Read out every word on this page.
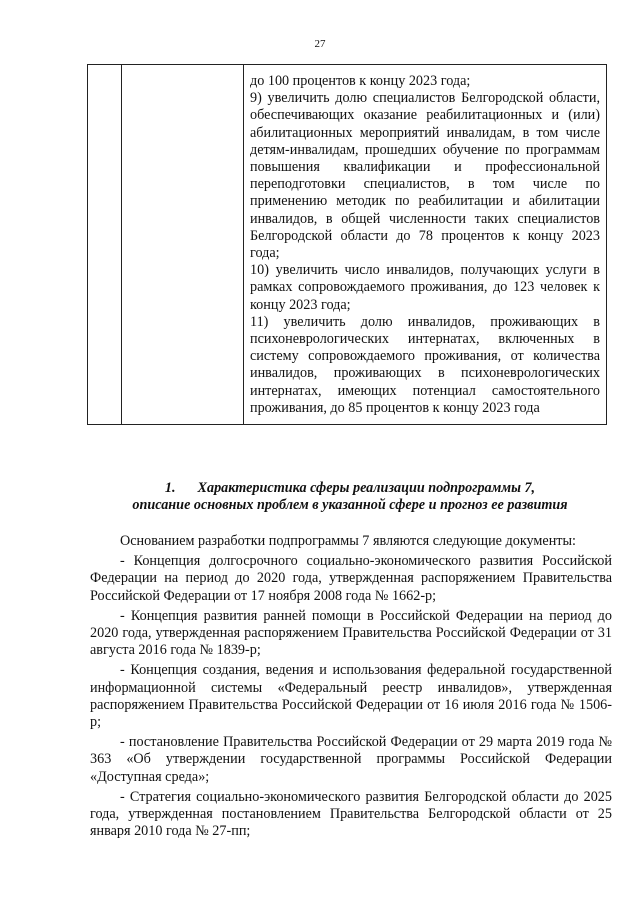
27

до 100 процентов к концу 2023 года;

9) увеличить долю специалистов Белгородской области, обеспечивающих оказание реабилитационных и (или) абилитационных мероприятий инвалидам, в том числе детям-инвалидам, прошедших обучение по программам повышения квалификации и профессиональной переподготовки специалистов, в том числе по применению методик по реабилитации и абилитации инвалидов, в общей численности таких специалистов Белгородской области до 78 процентов к концу 2023 года;

10) увеличить число инвалидов, получающих услуги в рамках сопровождаемого проживания, до 123 человек к концу 2023 года;

11) увеличить долю инвалидов, проживающих в психоневрологических интернатах, включенных в систему сопровождаемого проживания, от количества инвалидов, проживающих в психоневрологических интернатах, имеющих потенциал самостоятельного проживания, до 85 процентов к концу 2023 года

1. Характеристика сферы реализации подпрограммы 7,
описание основных проблем в указанной сфере и прогноз ее развития

Основанием разработки подпрограммы 7 являются следующие документы:

- Концепция долгосрочного социально-экономического развития Российской Федерации на период до 2020 года, утвержденная распоряжением Правительства Российской Федерации от 17 ноября 2008 года № 1662-р;

- Концепция развития ранней помощи в Российской Федерации на период до 2020 года, утвержденная распоряжением Правительства Российской Федерации от 31 августа 2016 года № 1839-р;

- Концепция создания, ведения и использования федеральной государственной информационной системы «Федеральный реестр инвалидов», утвержденная распоряжением Правительства Российской Федерации от 16 июля 2016 года № 1506-р;

- постановление Правительства Российской Федерации от 29 марта 2019 года № 363 «Об утверждении государственной программы Российской Федерации «Доступная среда»;

- Стратегия социально-экономического развития Белгородской области до 2025 года, утвержденная постановлением Правительства Белгородской области от 25 января 2010 года № 27-пп;
